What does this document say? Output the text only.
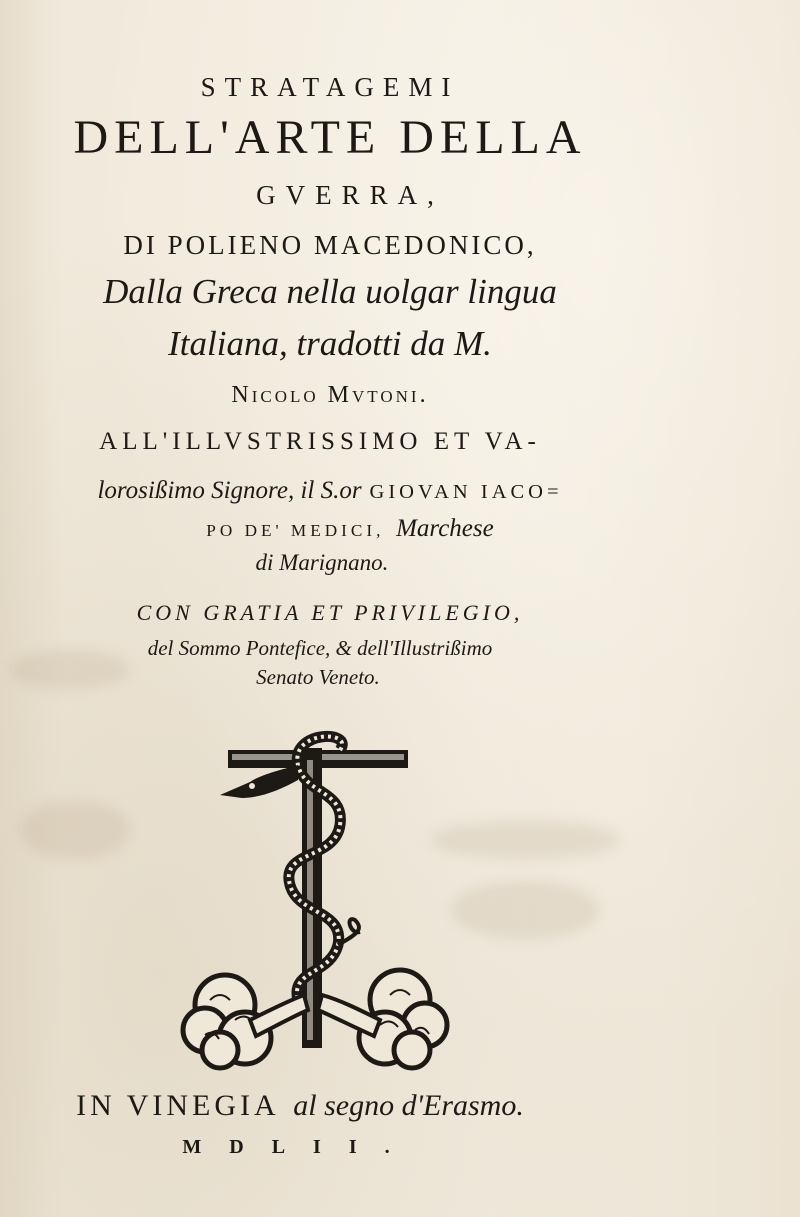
STRATAGEMI
DELL'ARTE DELLA
GVERRA,
DI POLIENO MACEDONICO,
Dalla Greca nella uolgar lingua
Italiana, tradotti da M.
Nicolo Mvtoni.
ALL'ILLVSTRISSIMO ET VA-
lorosißimo Signore, il S.or GIOVAN IACO=
PO DE' MEDICI, Marchese
di Marignano.
CON GRATIA ET PRIVILEGIO,
del Sommo Pontefice, & dell'Illustrißimo
Senato Veneto.
IN VINEGIA al segno d'Erasmo.
MDLII.
